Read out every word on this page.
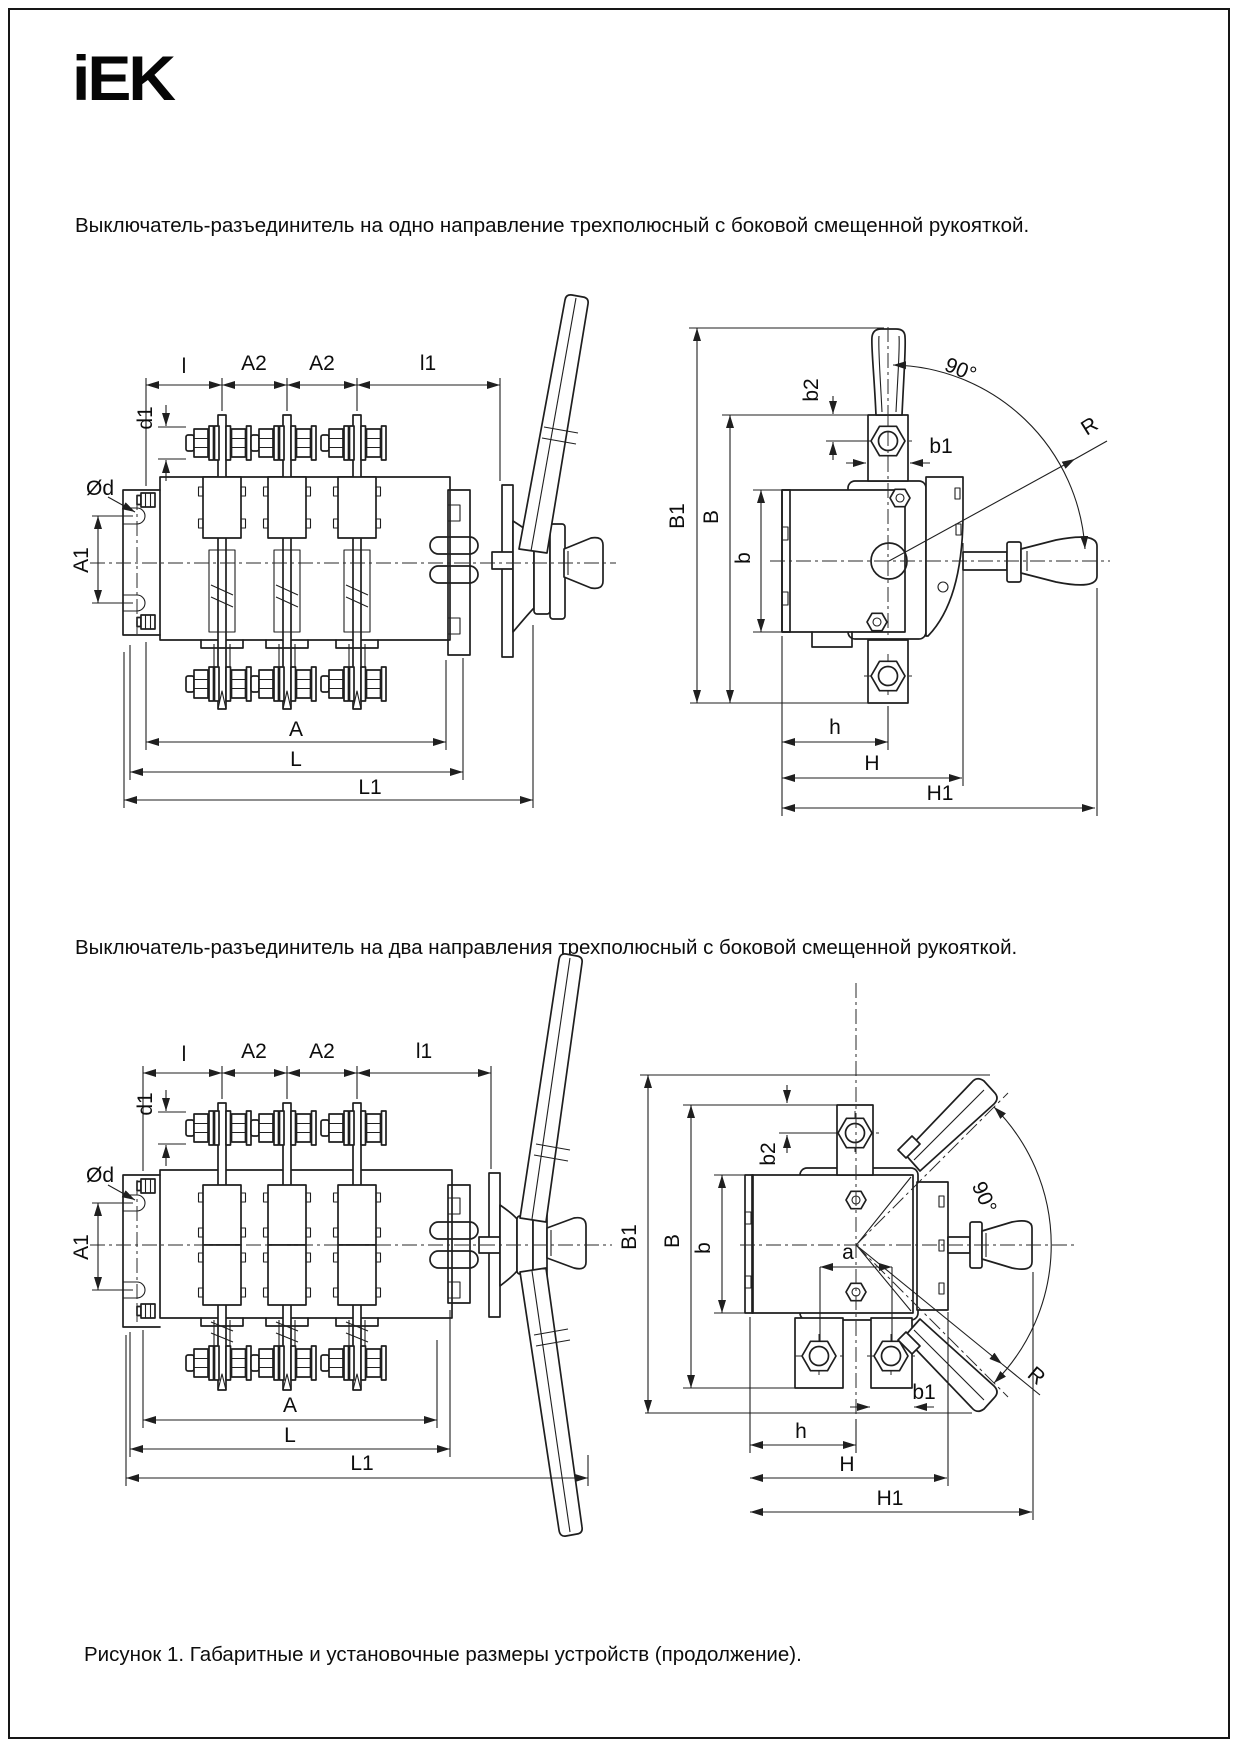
iEK
Выключатель-разъединитель на одно направление трехполюсный с боковой смещенной рукояткой.
Выключатель-разъединитель на два направления трехполюсный с боковой смещенной рукояткой.
Рисунок 1. Габаритные и установочные размеры устройств (продолжение).
l	A2 A2	l1
d1
Ød
A1
A
L
L1
B1 B
b
b2
b1
90°
R
h
H
H1
l	A2 A2	l1
d1
Ød
A1
A
L
L1
B1 B b
b2
a
b1
90°
R
h
H
H1
